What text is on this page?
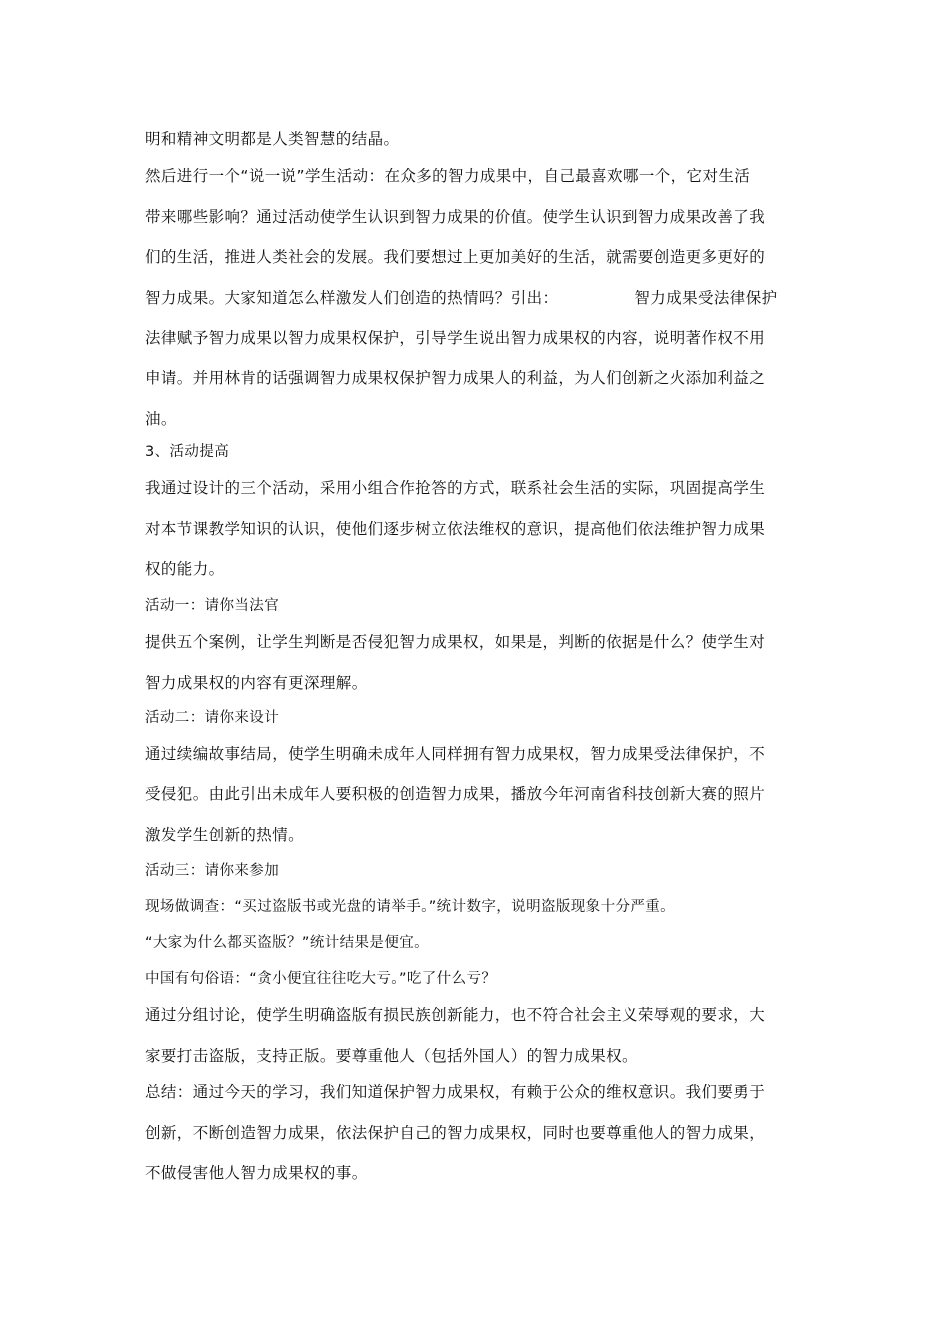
明和精神文明都是人类智慧的结晶。
然后进行一个“说一说”学生活动：在众多的智力成果中，自己最喜欢哪一个，它对生活
带来哪些影响？通过活动使学生认识到智力成果的价值。使学生认识到智力成果改善了我
们的生活，推进人类社会的发展。我们要想过上更加美好的生活，就需要创造更多更好的
智力成果。大家知道怎么样激发人们创造的热情吗？引出：	智力成果受法律保护
法律赋予智力成果以智力成果权保护，引导学生说出智力成果权的内容，说明著作权不用
申请。并用林肯的话强调智力成果权保护智力成果人的利益，为人们创新之火添加利益之
油。
3、活动提高
我通过设计的三个活动，采用小组合作抢答的方式，联系社会生活的实际，巩固提高学生
对本节课教学知识的认识，使他们逐步树立依法维权的意识，提高他们依法维护智力成果
权的能力。
活动一：请你当法官
提供五个案例，让学生判断是否侵犯智力成果权，如果是，判断的依据是什么？使学生对
智力成果权的内容有更深理解。
活动二：请你来设计
通过续编故事结局，使学生明确未成年人同样拥有智力成果权，智力成果受法律保护，不
受侵犯。由此引出未成年人要积极的创造智力成果，播放今年河南省科技创新大赛的照片
激发学生创新的热情。
活动三：请你来参加
现场做调查：“买过盗版书或光盘的请举手。”统计数字，说明盗版现象十分严重。
“大家为什么都买盗版？”统计结果是便宜。
中国有句俗语：“贪小便宜往往吃大亏。”吃了什么亏？
通过分组讨论，使学生明确盗版有损民族创新能力，也不符合社会主义荣辱观的要求，大
家要打击盗版，支持正版。要尊重他人（包括外国人）的智力成果权。
总结：通过今天的学习，我们知道保护智力成果权，有赖于公众的维权意识。我们要勇于
创新，不断创造智力成果，依法保护自己的智力成果权，同时也要尊重他人的智力成果，
不做侵害他人智力成果权的事。
